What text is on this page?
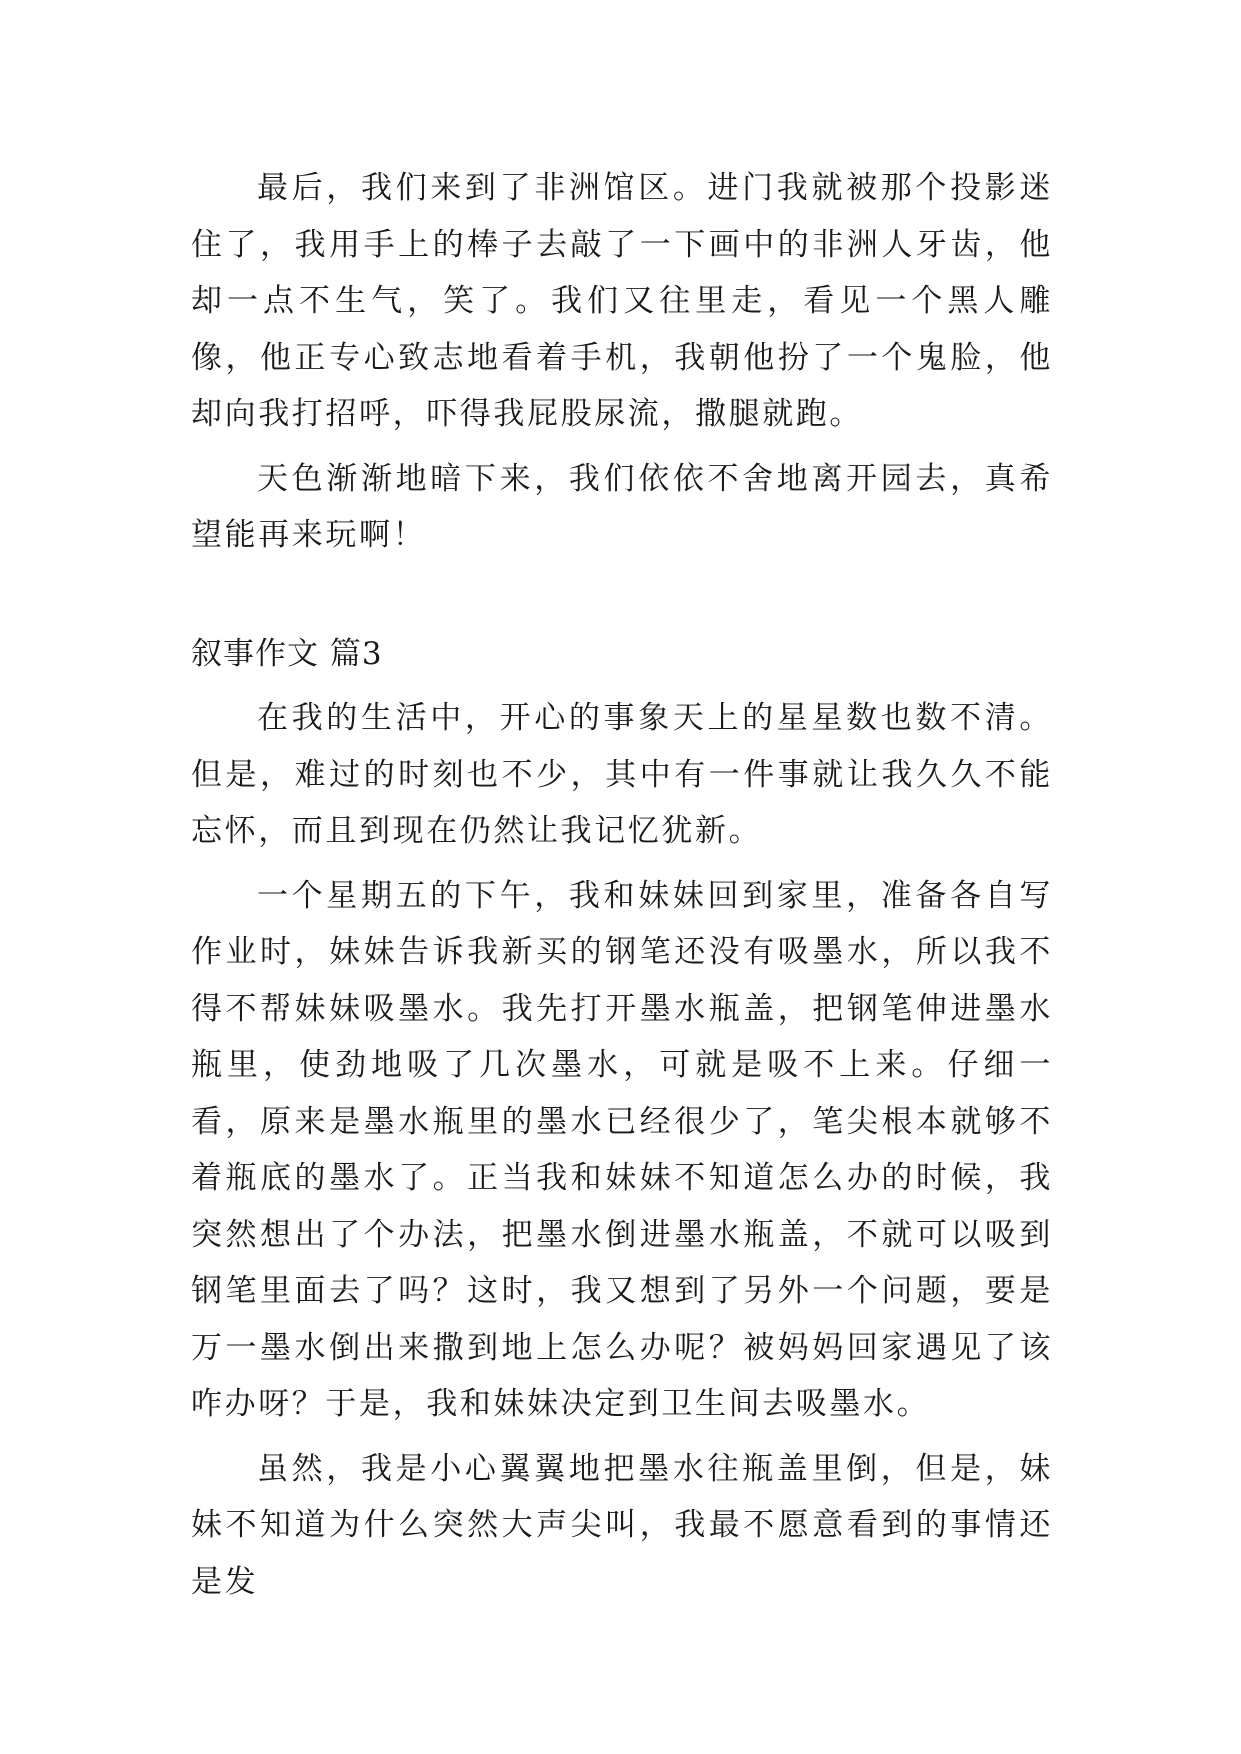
最后，我们来到了非洲馆区。进门我就被那个投影迷住了，我用手上的棒子去敲了一下画中的非洲人牙齿，他却一点不生气，笑了。我们又往里走，看见一个黑人雕像，他正专心致志地看着手机，我朝他扮了一个鬼脸，他却向我打招呼，吓得我屁股尿流，撒腿就跑。

天色渐渐地暗下来，我们依依不舍地离开园去，真希望能再来玩啊！

叙事作文 篇3

在我的生活中，开心的事象天上的星星数也数不清。但是，难过的时刻也不少，其中有一件事就让我久久不能忘怀，而且到现在仍然让我记忆犹新。

一个星期五的下午，我和妹妹回到家里，准备各自写作业时，妹妹告诉我新买的钢笔还没有吸墨水，所以我不得不帮妹妹吸墨水。我先打开墨水瓶盖，把钢笔伸进墨水瓶里，使劲地吸了几次墨水，可就是吸不上来。仔细一看，原来是墨水瓶里的墨水已经很少了，笔尖根本就够不着瓶底的墨水了。正当我和妹妹不知道怎么办的时候，我突然想出了个办法，把墨水倒进墨水瓶盖，不就可以吸到钢笔里面去了吗？这时，我又想到了另外一个问题，要是万一墨水倒出来撒到地上怎么办呢？被妈妈回家遇见了该咋办呀？于是，我和妹妹决定到卫生间去吸墨水。

虽然，我是小心翼翼地把墨水往瓶盖里倒，但是，妹妹不知道为什么突然大声尖叫，我最不愿意看到的事情还是发
